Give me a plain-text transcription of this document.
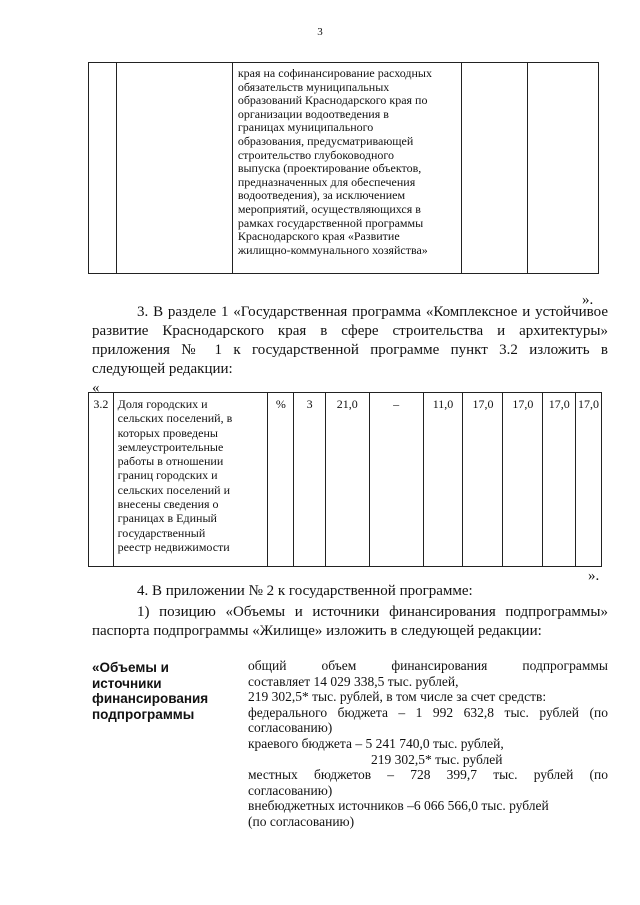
3

края на софинансирование расходных
обязательств муниципальных
образований Краснодарского края по
организации водоотведения в
границах муниципального
образования, предусматривающей
строительство глубоководного
выпуска (проектирование объектов,
предназначенных для обеспечения
водоотведения), за исключением
мероприятий, осуществляющихся в
рамках государственной программы
Краснодарского края «Развитие
жилищно-коммунального хозяйства»

».
3. В разделе 1 «Государственная программа «Комплексное и устойчивое
развитие Краснодарского края в сфере строительства и архитектуры»
приложения № 1 к государственной программе пункт 3.2 изложить в
следующей редакции:
«
3.2	Доля городских и
сельских поселений, в
которых проведены
землеустроительные
работы в отношении
границ городских и
сельских поселений и
внесены сведения о
границах в Единый
государственный
реестр недвижимости
	%	3	21,0	–	11,0	17,0	17,0	17,0	17,0
».
4. В приложении № 2 к государственной программе:
1) позицию «Объемы и источники финансирования подпрограммы»
паспорта подпрограммы «Жилище» изложить в следующей редакции:
«Объемы и
источники
финансирования
подпрограммы
общий объем финансирования подпрограммы
составляет 14 029 338,5 тыс. рублей,
219 302,5* тыс. рублей, в том числе за счет средств:
федерального бюджета – 1 992 632,8 тыс. рублей (по
согласованию)
краевого бюджета – 5 241 740,0 тыс. рублей,
219 302,5* тыс. рублей
местных бюджетов – 728 399,7 тыс. рублей (по
согласованию)
внебюджетных источников –6 066 566,0 тыс. рублей
(по согласованию)
